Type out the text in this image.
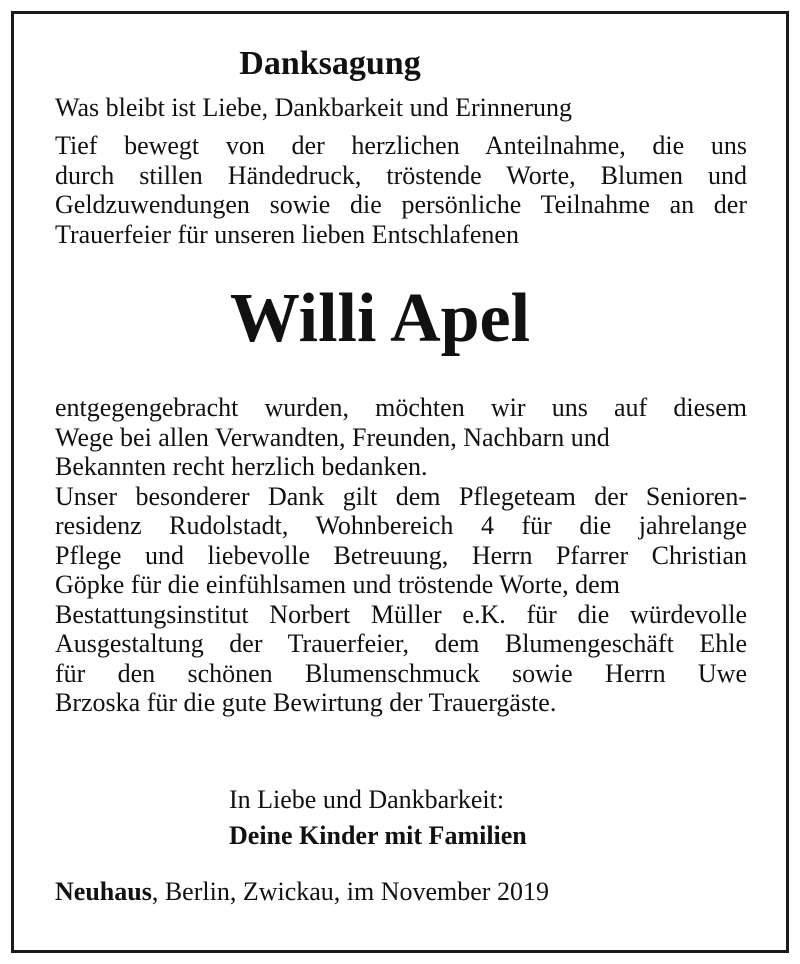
Danksagung
Was bleibt ist Liebe, Dankbarkeit und Erinnerung
Tief bewegt von der herzlichen Anteilnahme, die uns
durch stillen Händedruck, tröstende Worte, Blumen und
Geldzuwendungen sowie die persönliche Teilnahme an der
Trauerfeier für unseren lieben Entschlafenen
Willi Apel
entgegengebracht wurden, möchten wir uns auf diesem
Wege bei allen Verwandten, Freunden, Nachbarn und
Bekannten recht herzlich bedanken.
Unser besonderer Dank gilt dem Pflegeteam der Senioren-
residenz Rudolstadt, Wohnbereich 4 für die jahrelange
Pflege und liebevolle Betreuung, Herrn Pfarrer Christian
Göpke für die einfühlsamen und tröstende Worte, dem
Bestattungsinstitut Norbert Müller e.K. für die würdevolle
Ausgestaltung der Trauerfeier, dem Blumengeschäft Ehle
für den schönen Blumenschmuck sowie Herrn Uwe
Brzoska für die gute Bewirtung der Trauergäste.
In Liebe und Dankbarkeit:
Deine Kinder mit Familien
Neuhaus, Berlin, Zwickau, im November 2019
